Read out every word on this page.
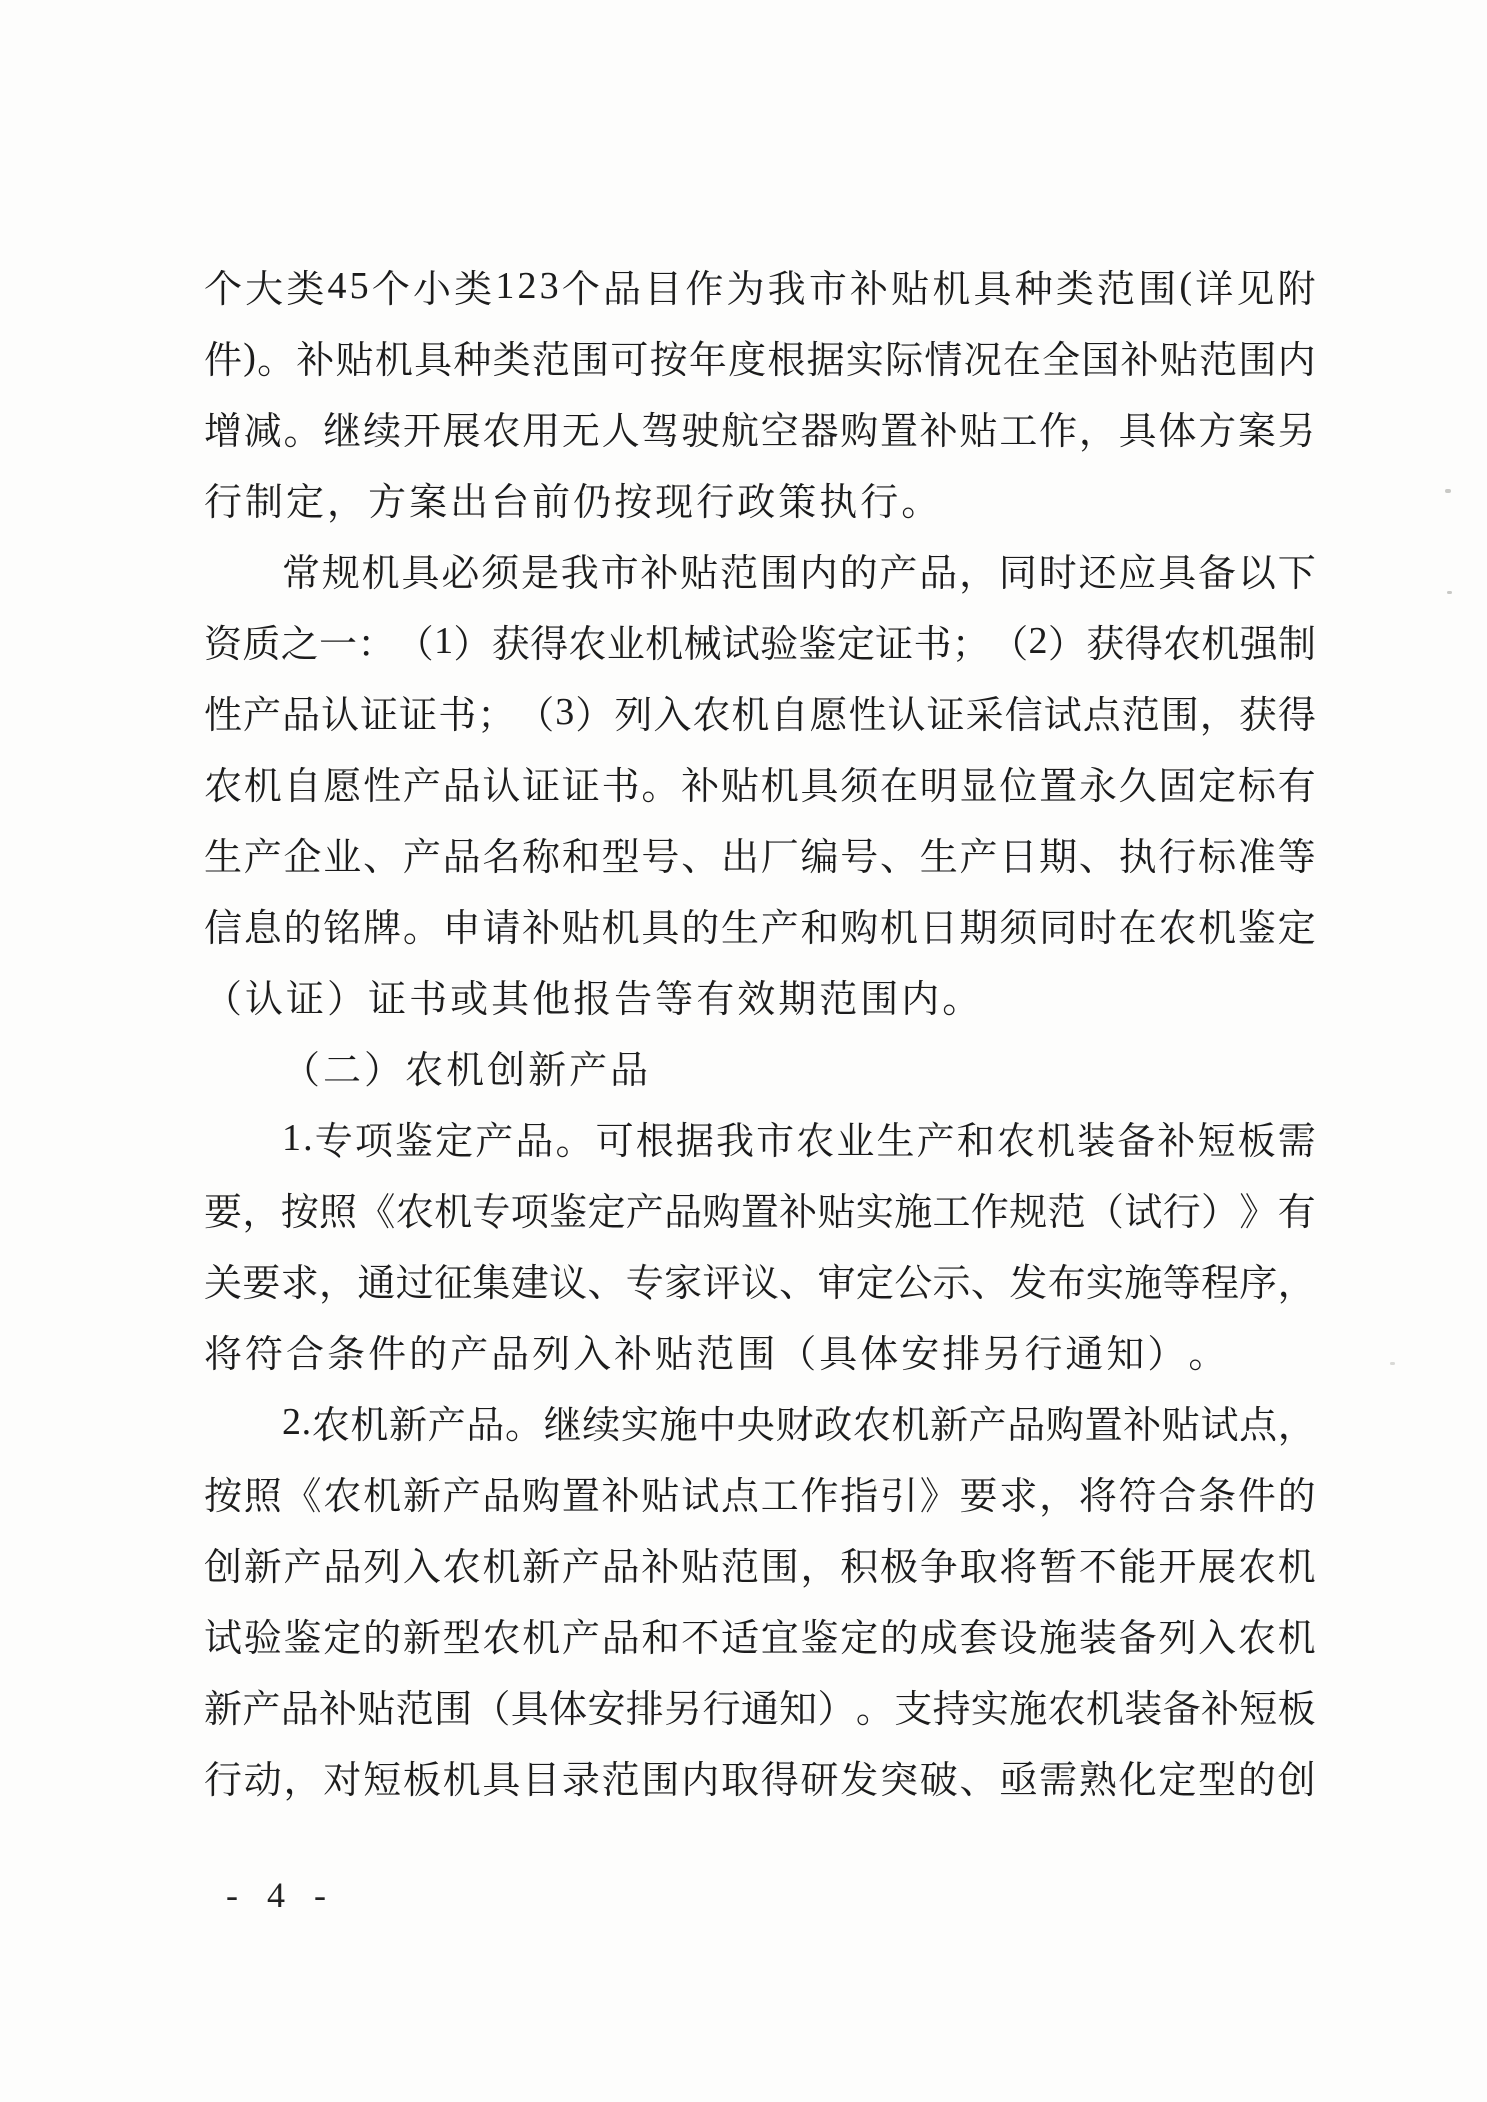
个 大 类 4 5 个 小 类 1 2 3 个 品 目 作 为 我 市 补 贴 机 具 种 类 范 围 ( 详 见 附
件 ) 。 补 贴 机 具 种 类 范 围 可 按 年 度 根 据 实 际 情 况 在 全 国 补 贴 范 围 内
增 减 。 继 续 开 展 农 用 无 人 驾 驶 航 空 器 购 置 补 贴 工 作 ， 具 体 方 案 另
行 制 定 ， 方 案 出 台 前 仍 按 现 行 政 策 执 行 。
常 规 机 具 必 须 是 我 市 补 贴 范 围 内 的 产 品 ， 同 时 还 应 具 备 以 下
资 质 之 一 ： （ 1 ） 获 得 农 业 机 械 试 验 鉴 定 证 书 ； （ 2 ） 获 得 农 机 强 制
性 产 品 认 证 证 书 ； （ 3 ） 列 入 农 机 自 愿 性 认 证 采 信 试 点 范 围 ， 获 得
农 机 自 愿 性 产 品 认 证 证 书 。 补 贴 机 具 须 在 明 显 位 置 永 久 固 定 标 有
生 产 企 业 、 产 品 名 称 和 型 号 、 出 厂 编 号 、 生 产 日 期 、 执 行 标 准 等
信 息 的 铭 牌 。 申 请 补 贴 机 具 的 生 产 和 购 机 日 期 须 同 时 在 农 机 鉴 定
（ 认 证 ） 证 书 或 其 他 报 告 等 有 效 期 范 围 内 。
（ 二 ） 农 机 创 新 产 品
1 . 专 项 鉴 定 产 品 。 可 根 据 我 市 农 业 生 产 和 农 机 装 备 补 短 板 需
要 ， 按 照 《 农 机 专 项 鉴 定 产 品 购 置 补 贴 实 施 工 作 规 范 （ 试 行 ） 》 有
关 要 求 ， 通 过 征 集 建 议 、 专 家 评 议 、 审 定 公 示 、 发 布 实 施 等 程 序 ，
将 符 合 条 件 的 产 品 列 入 补 贴 范 围 （ 具 体 安 排 另 行 通 知 ） 。
2 . 农 机 新 产 品 。 继 续 实 施 中 央 财 政 农 机 新 产 品 购 置 补 贴 试 点 ，
按 照 《 农 机 新 产 品 购 置 补 贴 试 点 工 作 指 引 》 要 求 ， 将 符 合 条 件 的
创 新 产 品 列 入 农 机 新 产 品 补 贴 范 围 ， 积 极 争 取 将 暂 不 能 开 展 农 机
试 验 鉴 定 的 新 型 农 机 产 品 和 不 适 宜 鉴 定 的 成 套 设 施 装 备 列 入 农 机
新 产 品 补 贴 范 围 （ 具 体 安 排 另 行 通 知 ） 。 支 持 实 施 农 机 装 备 补 短 板
行 动 ， 对 短 板 机 具 目 录 范 围 内 取 得 研 发 突 破 、 亟 需 熟 化 定 型 的 创
- 4 -
